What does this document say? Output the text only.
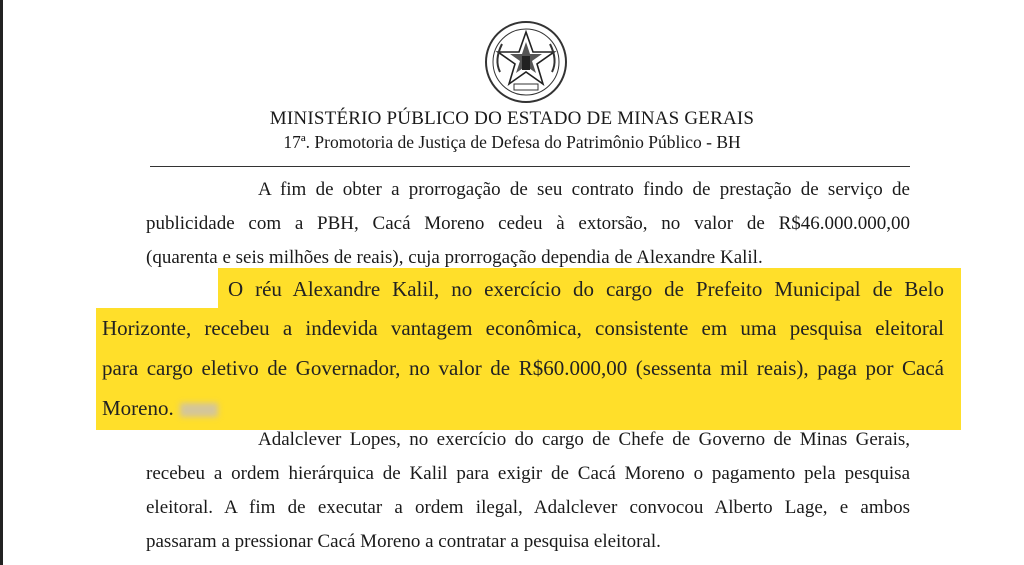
MINISTÉRIO PÚBLICO DO ESTADO DE MINAS GERAIS
17ª. Promotoria de Justiça de Defesa do Patrimônio Público - BH
A fim de obter a prorrogação de seu contrato findo de prestação de serviço de
publicidade com a PBH, Cacá Moreno cedeu à extorsão, no valor de R$46.000.000,00
(quarenta e seis milhões de reais), cuja prorrogação dependia de Alexandre Kalil.
O réu Alexandre Kalil, no exercício do cargo de Prefeito Municipal de Belo
Horizonte, recebeu a indevida vantagem econômica, consistente em uma pesquisa eleitoral
para cargo eletivo de Governador, no valor de R$60.000,00 (sessenta mil reais), paga por Cacá
Moreno.
Adalclever Lopes, no exercício do cargo de Chefe de Governo de Minas Gerais,
recebeu a ordem hierárquica de Kalil para exigir de Cacá Moreno o pagamento pela pesquisa
eleitoral. A fim de executar a ordem ilegal, Adalclever convocou Alberto Lage, e ambos
passaram a pressionar Cacá Moreno a contratar a pesquisa eleitoral.
